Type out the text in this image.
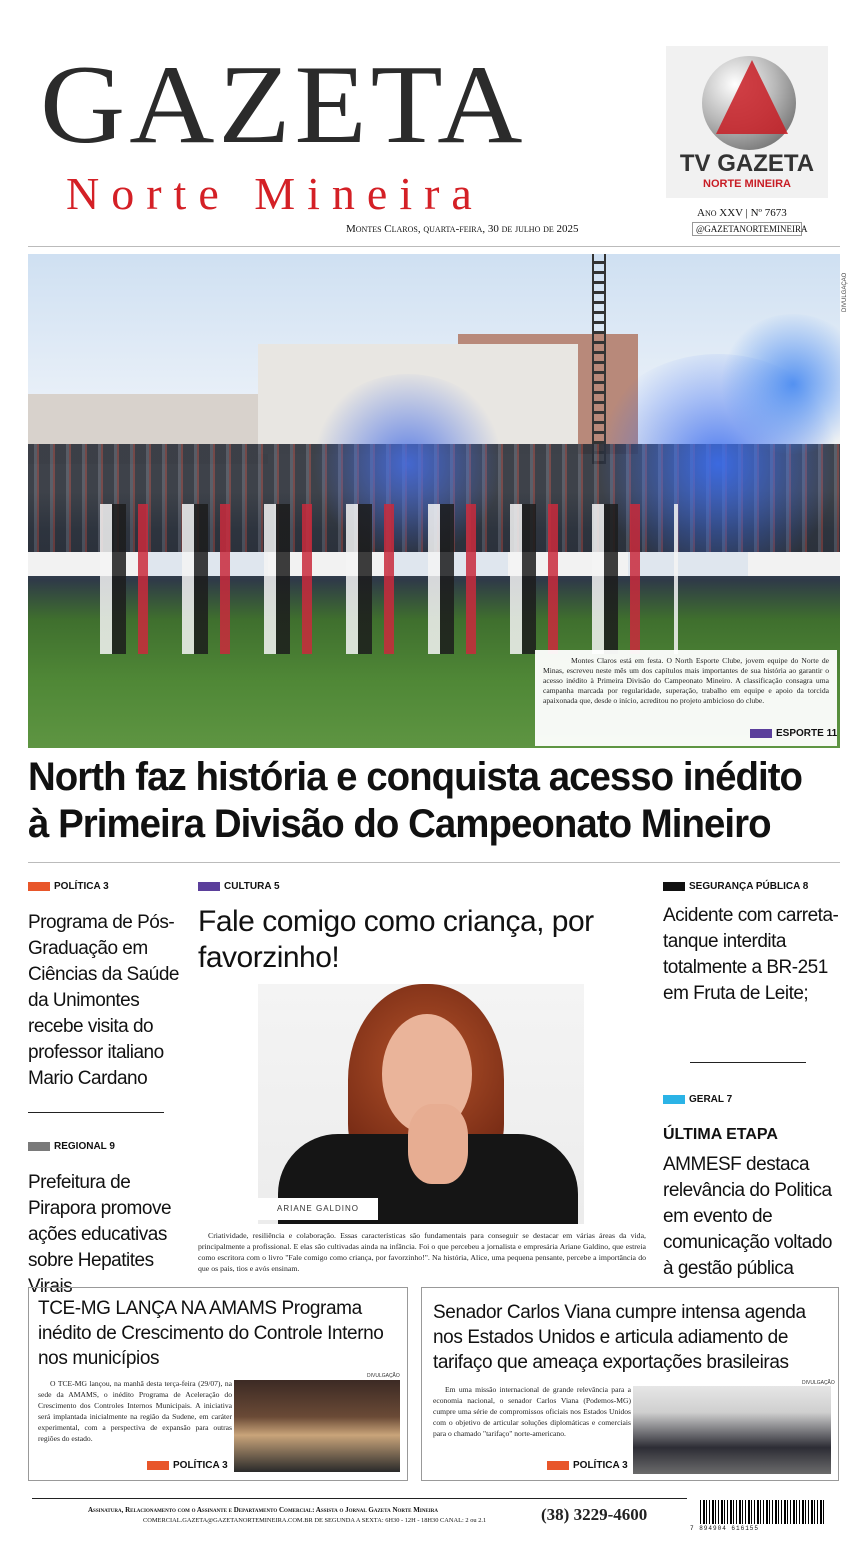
GAZETA
Norte Mineira
Montes Claros, quarta-feira, 30 de julho de 2025
TV GAZETA
NORTE MINEIRA
Ano XXV | Nº 7673
@GAZETANORTEMINEIRA
DIVULGAÇÃO

Montes Claros está em festa. O North Esporte Clube, jovem equipe do Norte de Minas, escreveu neste mês um dos capítulos mais importantes de sua história ao garantir o acesso inédito à Primeira Divisão do Campeonato Mineiro. A classificação consagra uma campanha marcada por regularidade, superação, trabalho em equipe e apoio da torcida apaixonada que, desde o início, acreditou no projeto ambicioso do clube.

ESPORTE 11
North faz história e conquista acesso inédito à Primeira Divisão do Campeonato Mineiro
POLÍTICA 3
Programa de Pós-Graduação em Ciências da Saúde da Unimontes recebe visita do professor italiano Mario Cardano
REGIONAL 9
Prefeitura de Pirapora promove ações educativas sobre Hepatites Virais
CULTURA 5
Fale comigo como criança, por favorzinho!
ARIANE GALDINO
Criatividade, resiliência e colaboração. Essas características são fundamentais para conseguir se destacar em várias áreas da vida, principalmente a profissional. E elas são cultivadas ainda na infância. Foi o que percebeu a jornalista e empresária Ariane Galdino, que estreia como escritora com o livro "Fale comigo como criança, por favorzinho!". Na história, Alice, uma pequena pensante, percebe a importância do que os pais, tios e avós ensinam.
SEGURANÇA PÚBLICA 8
Acidente com carreta-tanque interdita totalmente a BR-251 em Fruta de Leite;
GERAL 7
ÚLTIMA ETAPA
AMMESF destaca relevância do Politica em evento de comunicação voltado à gestão pública
TCE-MG LANÇA NA AMAMS Programa inédito de Crescimento do Controle Interno nos municípios
O TCE-MG lançou, na manhã desta terça-feira (29/07), na sede da AMAMS, o inédito Programa de Aceleração do Crescimento dos Controles Internos Municipais. A iniciativa será implantada inicialmente na região da Sudene, em caráter experimental, com a perspectiva de expansão para outras regiões do estado.
DIVULGAÇÃO
POLÍTICA 3
Senador Carlos Viana cumpre intensa agenda nos Estados Unidos e articula adiamento de tarifaço que ameaça exportações brasileiras
Em uma missão internacional de grande relevância para a economia nacional, o senador Carlos Viana (Podemos-MG) cumpre uma série de compromissos oficiais nos Estados Unidos com o objetivo de articular soluções diplomáticas e comerciais para o chamado "tarifaço" norte-americano.
DIVULGAÇÃO
POLÍTICA 3
Assinatura, Relacionamento com o Assinante e Departamento Comercial: Assista o Jornal Gazeta Norte Mineira
COMERCIAL.GAZETA@GAZETANORTEMINEIRA.COM.BR DE SEGUNDA A SEXTA: 6H30 - 12H - 18H30 CANAL: 2 ou 2.1	(38) 3229-4600
7 894904 616155
